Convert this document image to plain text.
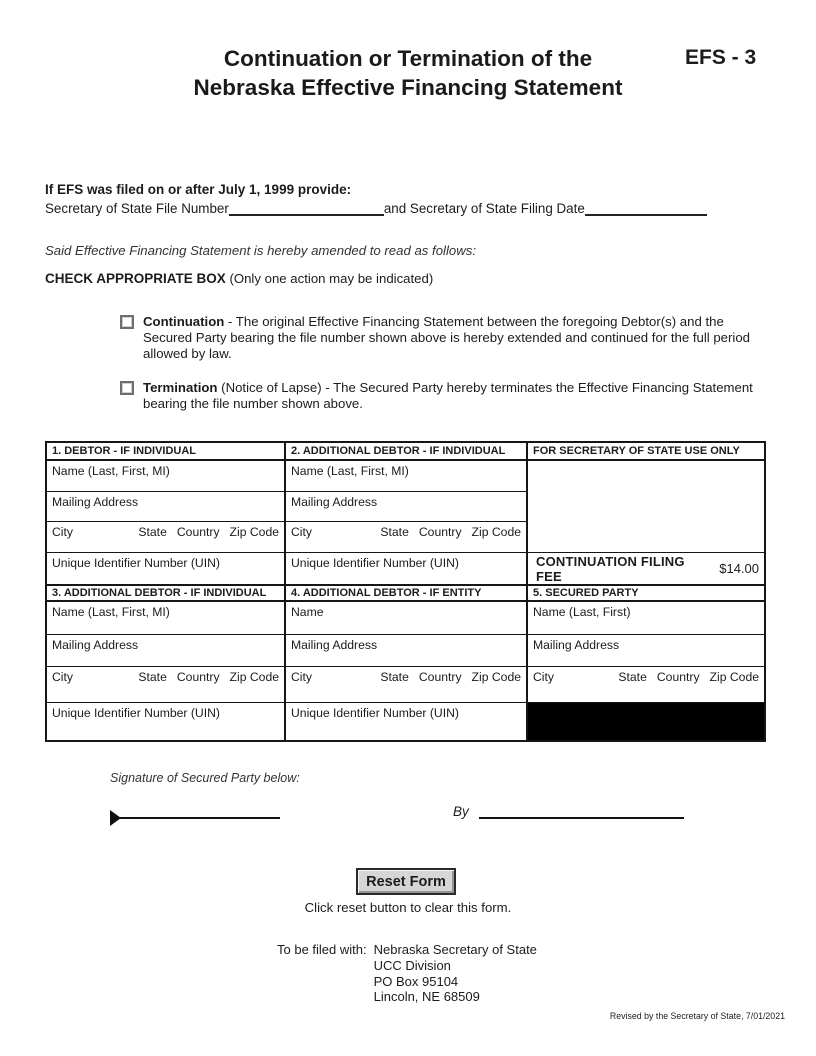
Continuation or Termination of the
Nebraska Effective Financing Statement
EFS - 3
If EFS was filed on or after July 1, 1999 provide:
Secretary of State File Number	and Secretary of State Filing Date
Said Effective Financing Statement is hereby amended to read as follows:
CHECK APPROPRIATE BOX (Only one action may be indicated)
Continuation - The original Effective Financing Statement between the foregoing Debtor(s) and the Secured Party bearing the file number shown above is hereby extended and continued for the full period allowed by law.
Termination (Notice of Lapse) - The Secured Party hereby terminates the Effective Financing Statement bearing the file number shown above.
1. DEBTOR - IF INDIVIDUAL
Name (Last, First, MI)
Mailing Address
City	State Country Zip Code
Unique Identifier Number (UIN)
3. ADDITIONAL DEBTOR - IF INDIVIDUAL
Name (Last, First, MI)
Mailing Address
City	State Country Zip Code
Unique Identifier Number (UIN)
2. ADDITIONAL DEBTOR - IF INDIVIDUAL
Name (Last, First, MI)
Mailing Address
City	State Country Zip Code
Unique Identifier Number (UIN)
4. ADDITIONAL DEBTOR - IF ENTITY
Name
Mailing Address
City	State Country Zip Code
Unique Identifier Number (UIN)
FOR SECRETARY OF STATE USE ONLY
CONTINUATION FILING FEE	$14.00
5. SECURED PARTY
Name (Last, First)
Mailing Address
City	State Country Zip Code
Signature of Secured Party below:
By
Reset Form
Click reset button to clear this form.
To be filed with: Nebraska Secretary of State
UCC Division
PO Box 95104
Lincoln, NE 68509
Revised by the Secretary of State, 7/01/2021
